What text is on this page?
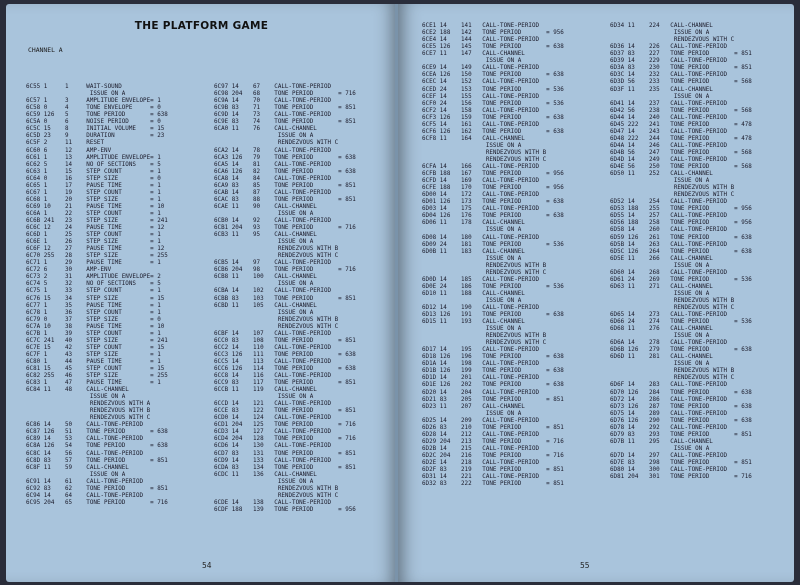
THE PLATFORM GAME
CHANNEL A

6C55 1     1     WAIT-SOUND
ISSUE ON A
6C57 1     3     AMPLITUDE ENVELOPE= 1
6C58 0     4     TONE ENVELOPE     = 0
6C59 126   5     TONE PERIOD       = 638
6C5A 0     6     NOISE PERIOD      = 0
6C5C 15    8     INITIAL VOLUME    = 15
6C5D 23    9     DURATION          = 23
6C5F 2     11    RESET
6C60 6     12    AMP-ENV
6C61 1     13    AMPLITUDE ENVELOPE= 1
6C62 5     14    NO OF SECTIONS    = 5
6C63 1     15    STEP COUNT        = 1
6C64 0     16    STEP SIZE         = 0
6C65 1     17    PAUSE TIME        = 1
6C67 1     19    STEP COUNT        = 1
6C68 1     20    STEP SIZE         = 1
6C69 10    21    PAUSE TIME        = 10
6C6A 1     22    STEP COUNT        = 1
6C6B 241   23    STEP SIZE         = 241
6C6C 12    24    PAUSE TIME        = 12
6C6D 1     25    STEP COUNT        = 1
6C6E 1     26    STEP SIZE         = 1
6C6F 12    27    PAUSE TIME        = 12
6C70 255   28    STEP SIZE         = 255
6C71 1     29    PAUSE TIME        = 1
6C72 6     30    AMP-ENV
6C73 2     31    AMPLITUDE ENVELOPE= 2
6C74 5     32    NO OF SECTIONS    = 5
6C75 1     33    STEP COUNT        = 1
6C76 15    34    STEP SIZE         = 15
6C77 1     35    PAUSE TIME        = 1
6C78 1     36    STEP COUNT        = 1
6C79 0     37    STEP SIZE         = 0
6C7A 10    38    PAUSE TIME        = 10
6C7B 1     39    STEP COUNT        = 1
6C7C 241   40    STEP SIZE         = 241
6C7E 15    42    STEP COUNT        = 15
6C7F 1     43    STEP SIZE         = 1
6C80 1     44    PAUSE TIME        = 1
6C81 15    45    STEP COUNT        = 15
6C82 255   46    STEP SIZE         = 255
6C83 1     47    PAUSE TIME        = 1
6C84 11    48    CALL-CHANNEL
ISSUE ON A
RENDEZVOUS WITH A
RENDEZVOUS WITH B
RENDEZVOUS WITH C
6C86 14    50    CALL-TONE-PERIOD
6C87 126   51    TONE PERIOD       = 638
6C89 14    53    CALL-TONE-PERIOD
6C8A 126   54    TONE PERIOD       = 638
6C8C 14    56    CALL-TONE-PERIOD
6C8D 83    57    TONE PERIOD       = 851
6C8F 11    59    CALL-CHANNEL
ISSUE ON A
6C91 14    61    CALL-TONE-PERIOD
6C92 83    62    TONE PERIOD       = 851
6C94 14    64    CALL-TONE-PERIOD
6C95 204   65    TONE PERIOD       = 716

6C97 14    67    CALL-TONE-PERIOD
6C98 204   68    TONE PERIOD       = 716
6C9A 14    70    CALL-TONE-PERIOD
6C9B 83    71    TONE PERIOD       = 851
6C9D 14    73    CALL-TONE-PERIOD
6C9E 83    74    TONE PERIOD       = 851
6CA0 11    76    CALL-CHANNEL
ISSUE ON A
RENDEZVOUS WITH C
6CA2 14    78    CALL-TONE-PERIOD
6CA3 126   79    TONE PERIOD       = 638
6CA5 14    81    CALL-TONE-PERIOD
6CA6 126   82    TONE PERIOD       = 638
6CA8 14    84    CALL-TONE-PERIOD
6CA9 83    85    TONE PERIOD       = 851
6CAB 14    87    CALL-TONE-PERIOD
6CAC 83    88    TONE PERIOD       = 851
6CAE 11    90    CALL-CHANNEL
ISSUE ON A
6CB0 14    92    CALL-TONE-PERIOD
6CB1 204   93    TONE PERIOD       = 716
6CB3 11    95    CALL-CHANNEL
ISSUE ON A
RENDEZVOUS WITH B
RENDEZVOUS WITH C
6CB5 14    97    CALL-TONE-PERIOD
6CB6 204   98    TONE PERIOD       = 716
6CB8 11    100   CALL-CHANNEL
ISSUE ON A
6CBA 14    102   CALL-TONE-PERIOD
6CBB 83    103   TONE PERIOD       = 851
6CBD 11    105   CALL-CHANNEL
ISSUE ON A
RENDEZVOUS WITH B
RENDEZVOUS WITH C
6CBF 14    107   CALL-TONE-PERIOD
6CC0 83    108   TONE PERIOD       = 851
6CC2 14    110   CALL-TONE-PERIOD
6CC3 126   111   TONE PERIOD       = 638
6CC5 14    113   CALL-TONE-PERIOD
6CC6 126   114   TONE PERIOD       = 638
6CC8 14    116   CALL-TONE-PERIOD
6CC9 83    117   TONE PERIOD       = 851
6CCB 11    119   CALL-CHANNEL
ISSUE ON A
6CCD 14    121   CALL-TONE-PERIOD
6CCE 83    122   TONE PERIOD       = 851
6CD0 14    124   CALL-TONE-PERIOD
6CD1 204   125   TONE PERIOD       = 716
6CD3 14    127   CALL-TONE-PERIOD
6CD4 204   128   TONE PERIOD       = 716
6CD6 14    130   CALL-TONE-PERIOD
6CD7 83    131   TONE PERIOD       = 851
6CD9 14    133   CALL-TONE-PERIOD
6CDA 83    134   TONE PERIOD       = 851
6CDC 11    136   CALL-CHANNEL
ISSUE ON A
RENDEZVOUS WITH B
RENDEZVOUS WITH C
6CDE 14    138   CALL-TONE-PERIOD
6CDF 188   139   TONE PERIOD       = 956

54

6CE1 14    141   CALL-TONE-PERIOD
6CE2 188   142   TONE PERIOD       = 956
6CE4 14    144   CALL-TONE-PERIOD
6CE5 126   145   TONE PERIOD       = 638
6CE7 11    147   CALL-CHANNEL
ISSUE ON A
6CE9 14    149   CALL-TONE-PERIOD
6CEA 126   150   TONE PERIOD       = 638
6CEC 14    152   CALL-TONE-PERIOD
6CED 24    153   TONE PERIOD       = 536
6CEF 14    155   CALL-TONE-PERIOD
6CF0 24    156   TONE PERIOD       = 536
6CF2 14    158   CALL-TONE-PERIOD
6CF3 126   159   TONE PERIOD       = 638
6CF5 14    161   CALL-TONE-PERIOD
6CF6 126   162   TONE PERIOD       = 638
6CF8 11    164   CALL-CHANNEL
ISSUE ON A
RENDEZVOUS WITH B
RENDEZVOUS WITH C
6CFA 14    166   CALL-TONE-PERIOD
6CFB 188   167   TONE PERIOD       = 956
6CFD 14    169   CALL-TONE-PERIOD
6CFE 188   170   TONE PERIOD       = 956
6D00 14    172   CALL-TONE-PERIOD
6D01 126   173   TONE PERIOD       = 638
6D03 14    175   CALL-TONE-PERIOD
6D04 126   176   TONE PERIOD       = 638
6D06 11    178   CALL-CHANNEL
ISSUE ON A
6D08 14    180   CALL-TONE-PERIOD
6D09 24    181   TONE PERIOD       = 536
6D0B 11    183   CALL-CHANNEL
ISSUE ON A
RENDEZVOUS WITH B
RENDEZVOUS WITH C
6D0D 14    185   CALL-TONE-PERIOD
6D0E 24    186   TONE PERIOD       = 536
6D10 11    188   CALL-CHANNEL
ISSUE ON A
6D12 14    190   CALL-TONE-PERIOD
6D13 126   191   TONE PERIOD       = 638
6D15 11    193   CALL-CHANNEL
ISSUE ON A
RENDEZVOUS WITH B
RENDEZVOUS WITH C
6D17 14    195   CALL-TONE-PERIOD
6D18 126   196   TONE PERIOD       = 638
6D1A 14    198   CALL-TONE-PERIOD
6D1B 126   199   TONE PERIOD       = 638
6D1D 14    201   CALL-TONE-PERIOD
6D1E 126   202   TONE PERIOD       = 638
6D20 14    204   CALL-TONE-PERIOD
6D21 83    205   TONE PERIOD       = 851
6D23 11    207   CALL-CHANNEL
ISSUE ON A
6D25 14    209   CALL-TONE-PERIOD
6D26 83    210   TONE PERIOD       = 851
6D28 14    212   CALL-TONE-PERIOD
6D29 204   213   TONE PERIOD       = 716
6D2B 14    215   CALL-TONE-PERIOD
6D2C 204   216   TONE PERIOD       = 716
6D2E 14    218   CALL-TONE-PERIOD
6D2F 83    219   TONE PERIOD       = 851
6D31 14    221   CALL-TONE-PERIOD
6D32 83    222   TONE PERIOD       = 851

6D34 11    224   CALL-CHANNEL
ISSUE ON A
RENDEZVOUS WITH C
6D36 14    226   CALL-TONE-PERIOD
6D37 83    227   TONE PERIOD       = 851
6D39 14    229   CALL-TONE-PERIOD
6D3A 83    230   TONE PERIOD       = 851
6D3C 14    232   CALL-TONE-PERIOD
6D3D 56    233   TONE PERIOD       = 568
6D3F 11    235   CALL-CHANNEL
ISSUE ON A
6D41 14    237   CALL-TONE-PERIOD
6D42 56    238   TONE PERIOD       = 568
6D44 14    240   CALL-TONE-PERIOD
6D45 222   241   TONE PERIOD       = 478
6D47 14    243   CALL-TONE-PERIOD
6D48 222   244   TONE PERIOD       = 478
6D4A 14    246   CALL-TONE-PERIOD
6D4B 56    247   TONE PERIOD       = 568
6D4D 14    249   CALL-TONE-PERIOD
6D4E 56    250   TONE PERIOD       = 568
6D50 11    252   CALL-CHANNEL
ISSUE ON A
RENDEZVOUS WITH B
RENDEZVOUS WITH C
6D52 14    254   CALL-TONE-PERIOD
6D53 188   255   TONE PERIOD       = 956
6D55 14    257   CALL-TONE-PERIOD
6D56 188   258   TONE PERIOD       = 956
6D58 14    260   CALL-TONE-PERIOD
6D59 126   261   TONE PERIOD       = 638
6D5B 14    263   CALL-TONE-PERIOD
6D5C 126   264   TONE PERIOD       = 638
6D5E 11    266   CALL-CHANNEL
ISSUE ON A
6D60 14    268   CALL-TONE-PERIOD
6D61 24    269   TONE PERIOD       = 536
6D63 11    271   CALL-CHANNEL
ISSUE ON A
RENDEZVOUS WITH B
RENDEZVOUS WITH C
6D65 14    273   CALL-TONE-PERIOD
6D66 24    274   TONE PERIOD       = 536
6D68 11    276   CALL-CHANNEL
ISSUE ON A
6D6A 14    278   CALL-TONE-PERIOD
6D6B 126   279   TONE PERIOD       = 638
6D6D 11    281   CALL-CHANNEL
ISSUE ON A
RENDEZVOUS WITH B
RENDEZVOUS WITH C
6D6F 14    283   CALL-TONE-PERIOD
6D70 126   284   TONE PERIOD       = 638
6D72 14    286   CALL-TONE-PERIOD
6D73 126   287   TONE PERIOD       = 638
6D75 14    289   CALL-TONE-PERIOD
6D76 126   290   TONE PERIOD       = 638
6D78 14    292   CALL-TONE-PERIOD
6D79 83    293   TONE PERIOD       = 851
6D7B 11    295   CALL-CHANNEL
ISSUE ON A
6D7D 14    297   CALL-TONE-PERIOD
6D7E 83    298   TONE PERIOD       = 851
6D80 14    300   CALL-TONE-PERIOD
6D81 204   301   TONE PERIOD       = 716

55
